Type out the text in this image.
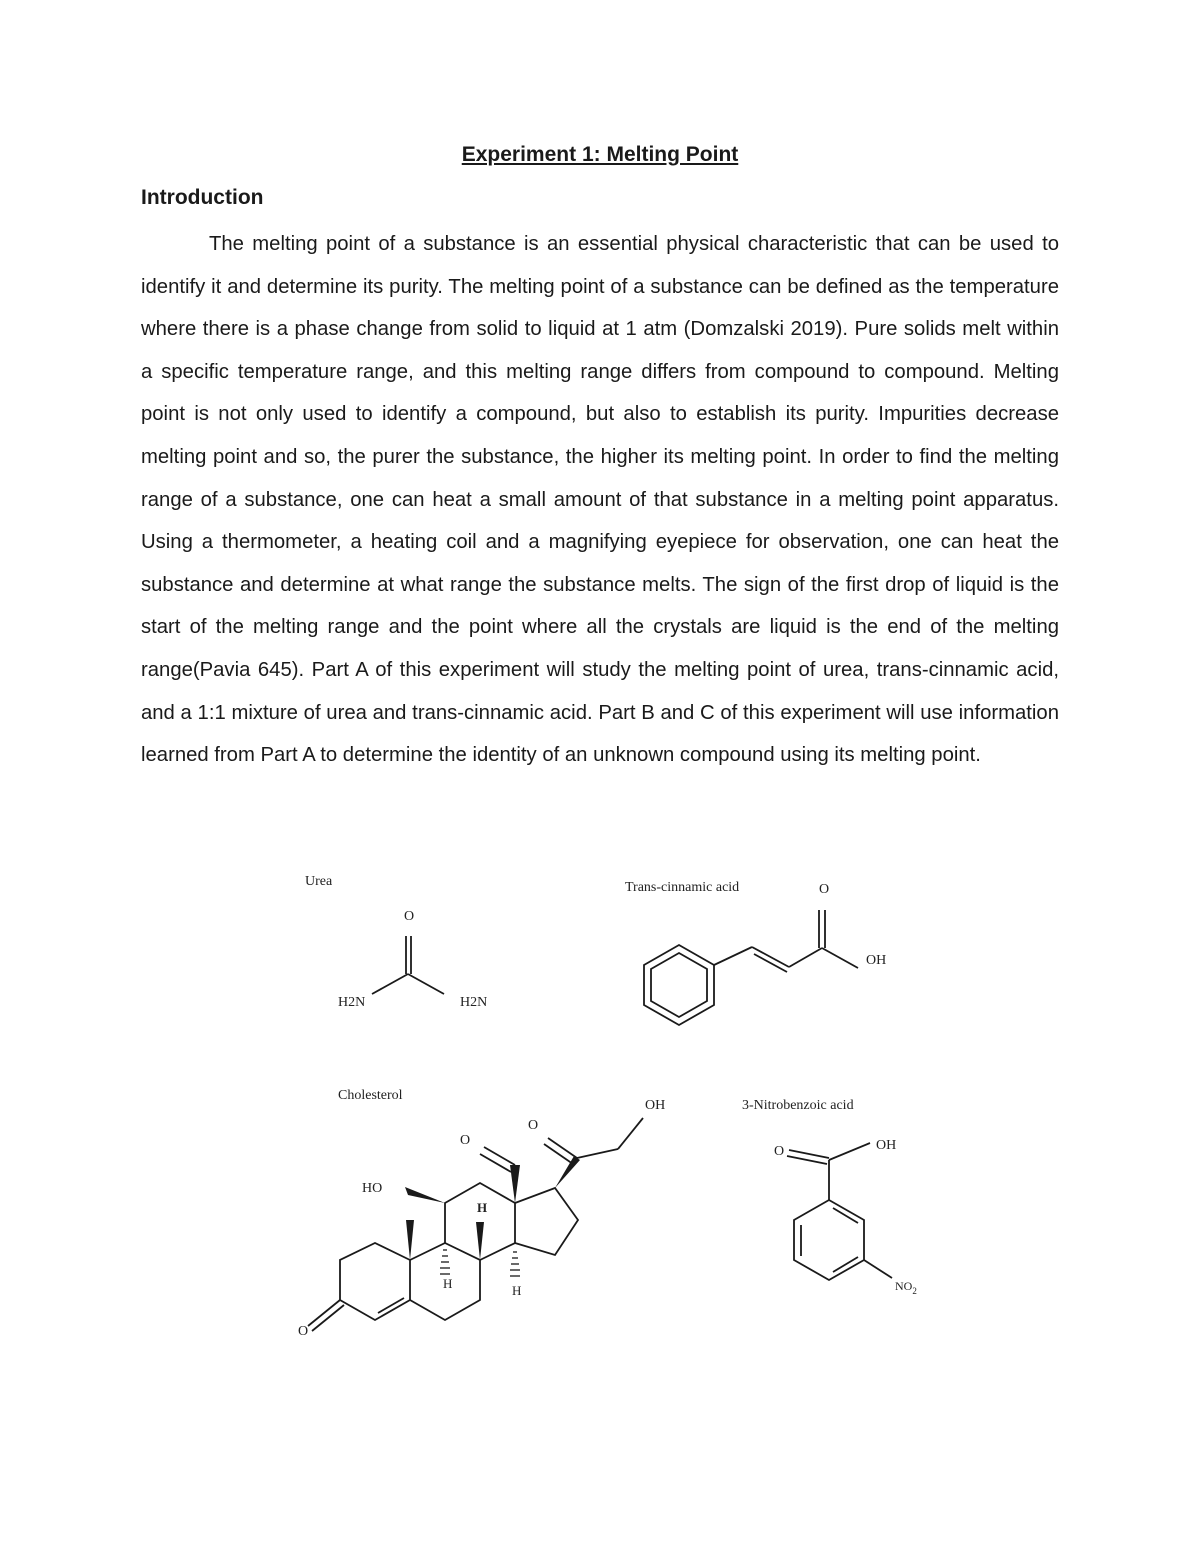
Experiment 1: Melting Point
Introduction

The melting point of a substance is an essential physical characteristic that can be used to identify it and determine its purity. The melting point of a substance can be defined as the temperature where there is a phase change from solid to liquid at 1 atm (Domzalski 2019). Pure solids melt within a specific temperature range, and this melting range differs from compound to compound. Melting point is not only used to identify a compound, but also to establish its purity. Impurities decrease melting point and so, the purer the substance, the higher its melting point. In order to find the melting range of a substance, one can heat a small amount of that substance in a melting point apparatus. Using a thermometer, a heating coil and a magnifying eyepiece for observation, one can heat the substance and determine at what range the substance melts. The sign of the first drop of liquid is the start of the melting range and the point where all the crystals are liquid is the end of the melting range(Pavia 645). Part A of this experiment will study the melting point of urea, trans-cinnamic acid, and a 1:1 mixture of urea and trans-cinnamic acid. Part B and C of this experiment will use information learned from Part A to determine the identity of an unknown compound using its melting point.

Urea
O
H2N	H2N
Trans-cinnamic acid	O
OH
Cholesterol
OH
O
O
HO
H
H	H
O
3-Nitrobenzoic acid
O	OH
$NO_2$
